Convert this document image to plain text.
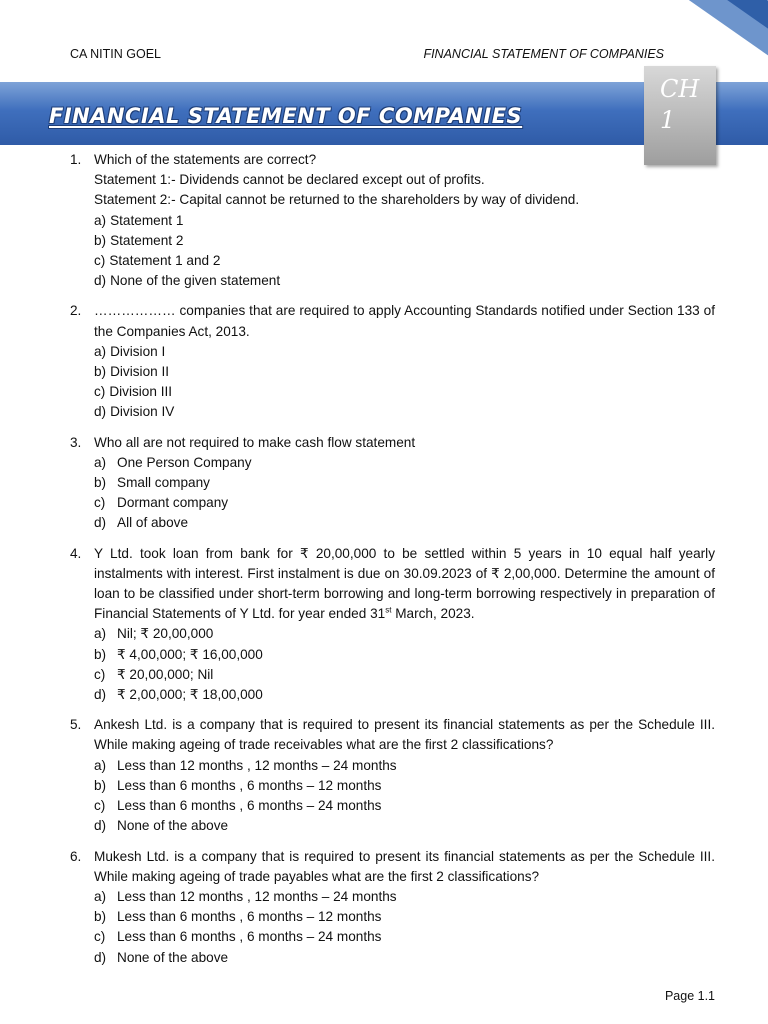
CA NITIN GOEL	FINANCIAL STATEMENT OF COMPANIES
FINANCIAL STATEMENT OF COMPANIES
CH
1
1. Which of the statements are correct?
Statement 1:- Dividends cannot be declared except out of profits.
Statement 2:- Capital cannot be returned to the shareholders by way of dividend.
a) Statement 1
b) Statement 2
c) Statement 1 and 2
d) None of the given statement
2. ……………… companies that are required to apply Accounting Standards notified under Section 133 of the Companies Act, 2013.
a) Division I
b) Division II
c) Division III
d) Division IV
3. Who all are not required to make cash flow statement
a) One Person Company
b) Small company
c) Dormant company
d) All of above
4. Y Ltd. took loan from bank for ₹ 20,00,000 to be settled within 5 years in 10 equal half yearly instalments with interest. First instalment is due on 30.09.2023 of ₹ 2,00,000. Determine the amount of loan to be classified under short-term borrowing and long-term borrowing respectively in preparation of Financial Statements of Y Ltd. for year ended 31st March, 2023.
a) Nil; ₹ 20,00,000
b) ₹ 4,00,000; ₹ 16,00,000
c) ₹ 20,00,000; Nil
d) ₹ 2,00,000; ₹ 18,00,000
5. Ankesh Ltd. is a company that is required to present its financial statements as per the Schedule III. While making ageing of trade receivables what are the first 2 classifications?
a) Less than 12 months , 12 months – 24 months
b) Less than 6 months , 6 months – 12 months
c) Less than 6 months , 6 months – 24 months
d) None of the above
6. Mukesh Ltd. is a company that is required to present its financial statements as per the Schedule III. While making ageing of trade payables what are the first 2 classifications?
a) Less than 12 months , 12 months – 24 months
b) Less than 6 months , 6 months – 12 months
c) Less than 6 months , 6 months – 24 months
d) None of the above
Page 1.1
